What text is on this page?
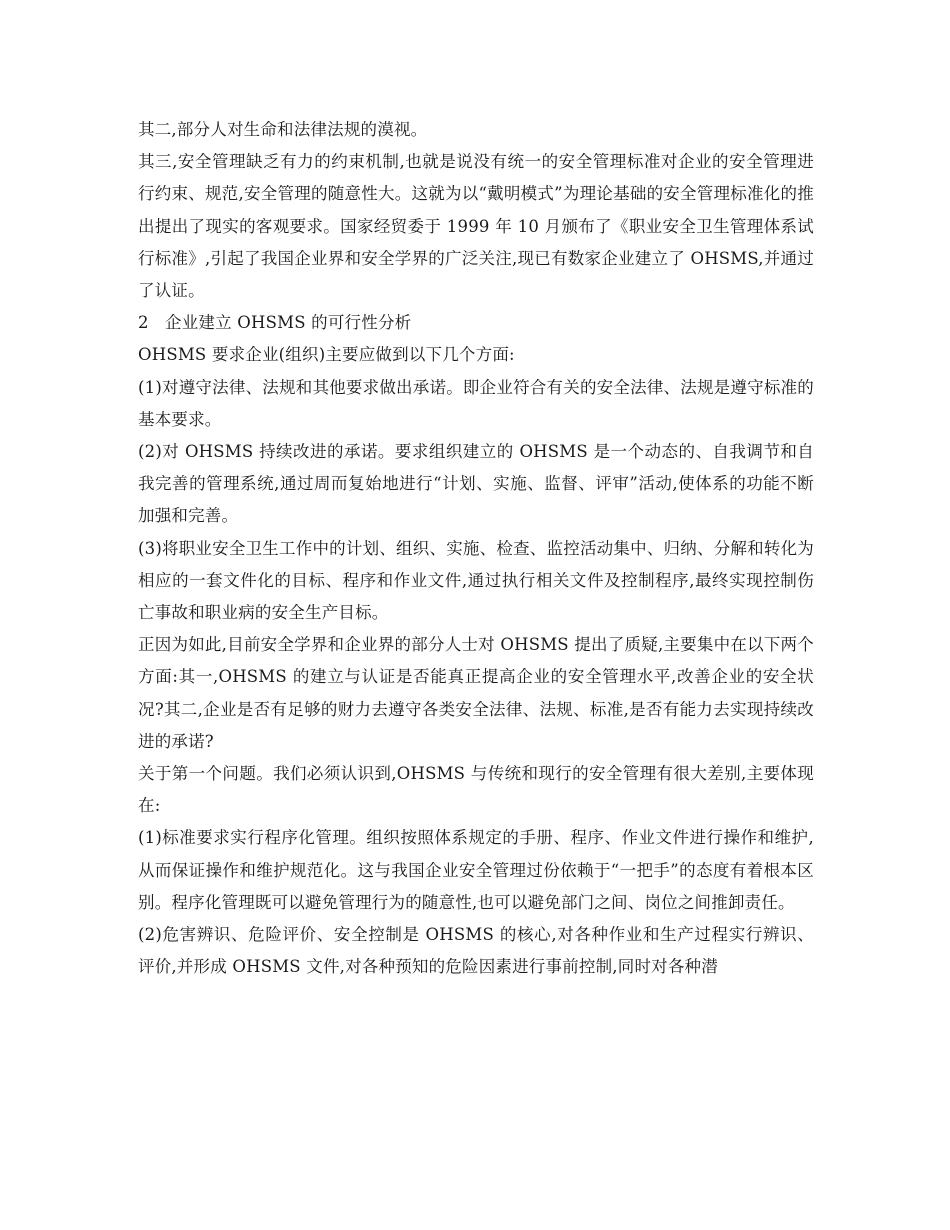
其二,部分人对生命和法律法规的漠视。

其三,安全管理缺乏有力的约束机制,也就是说没有统一的安全管理标准对企业的安全管理进行约束、规范,安全管理的随意性大。这就为以“戴明模式”为理论基础的安全管理标准化的推出提出了现实的客观要求。国家经贸委于 1999 年 10 月颁布了《职业安全卫生管理体系试行标准》,引起了我国企业界和安全学界的广泛关注,现已有数家企业建立了 OHSMS,并通过了认证。

2   企业建立 OHSMS 的可行性分析

OHSMS 要求企业(组织)主要应做到以下几个方面:

(1)对遵守法律、法规和其他要求做出承诺。即企业符合有关的安全法律、法规是遵守标准的基本要求。

(2)对 OHSMS 持续改进的承诺。要求组织建立的 OHSMS 是一个动态的、自我调节和自我完善的管理系统,通过周而复始地进行“计划、实施、监督、评审”活动,使体系的功能不断加强和完善。

(3)将职业安全卫生工作中的计划、组织、实施、检查、监控活动集中、归纳、分解和转化为相应的一套文件化的目标、程序和作业文件,通过执行相关文件及控制程序,最终实现控制伤亡事故和职业病的安全生产目标。

正因为如此,目前安全学界和企业界的部分人士对 OHSMS 提出了质疑,主要集中在以下两个方面:其一,OHSMS 的建立与认证是否能真正提高企业的安全管理水平,改善企业的安全状况?其二,企业是否有足够的财力去遵守各类安全法律、法规、标准,是否有能力去实现持续改进的承诺?

关于第一个问题。我们必须认识到,OHSMS 与传统和现行的安全管理有很大差别,主要体现在:

(1)标准要求实行程序化管理。组织按照体系规定的手册、程序、作业文件进行操作和维护,从而保证操作和维护规范化。这与我国企业安全管理过份依赖于“一把手”的态度有着根本区别。程序化管理既可以避免管理行为的随意性,也可以避免部门之间、岗位之间推卸责任。

(2)危害辨识、危险评价、安全控制是 OHSMS 的核心,对各种作业和生产过程实行辨识、评价,并形成 OHSMS 文件,对各种预知的危险因素进行事前控制,同时对各种潜
